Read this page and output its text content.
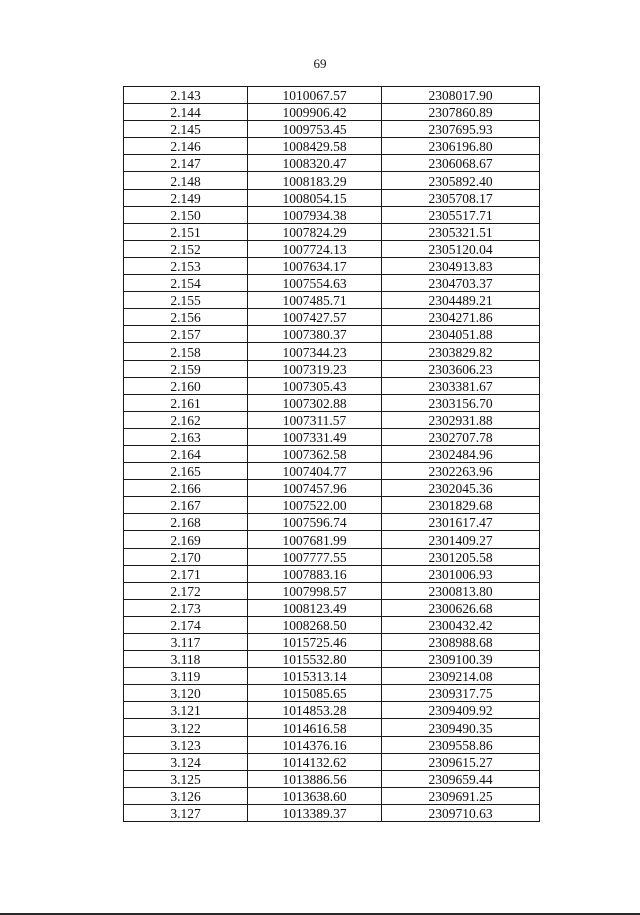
69
2.143	1010067.57	2308017.90
2.144	1009906.42	2307860.89
2.145	1009753.45	2307695.93
2.146	1008429.58	2306196.80
2.147	1008320.47	2306068.67
2.148	1008183.29	2305892.40
2.149	1008054.15	2305708.17
2.150	1007934.38	2305517.71
2.151	1007824.29	2305321.51
2.152	1007724.13	2305120.04
2.153	1007634.17	2304913.83
2.154	1007554.63	2304703.37
2.155	1007485.71	2304489.21
2.156	1007427.57	2304271.86
2.157	1007380.37	2304051.88
2.158	1007344.23	2303829.82
2.159	1007319.23	2303606.23
2.160	1007305.43	2303381.67
2.161	1007302.88	2303156.70
2.162	1007311.57	2302931.88
2.163	1007331.49	2302707.78
2.164	1007362.58	2302484.96
2.165	1007404.77	2302263.96
2.166	1007457.96	2302045.36
2.167	1007522.00	2301829.68
2.168	1007596.74	2301617.47
2.169	1007681.99	2301409.27
2.170	1007777.55	2301205.58
2.171	1007883.16	2301006.93
2.172	1007998.57	2300813.80
2.173	1008123.49	2300626.68
2.174	1008268.50	2300432.42
3.117	1015725.46	2308988.68
3.118	1015532.80	2309100.39
3.119	1015313.14	2309214.08
3.120	1015085.65	2309317.75
3.121	1014853.28	2309409.92
3.122	1014616.58	2309490.35
3.123	1014376.16	2309558.86
3.124	1014132.62	2309615.27
3.125	1013886.56	2309659.44
3.126	1013638.60	2309691.25
3.127	1013389.37	2309710.63
